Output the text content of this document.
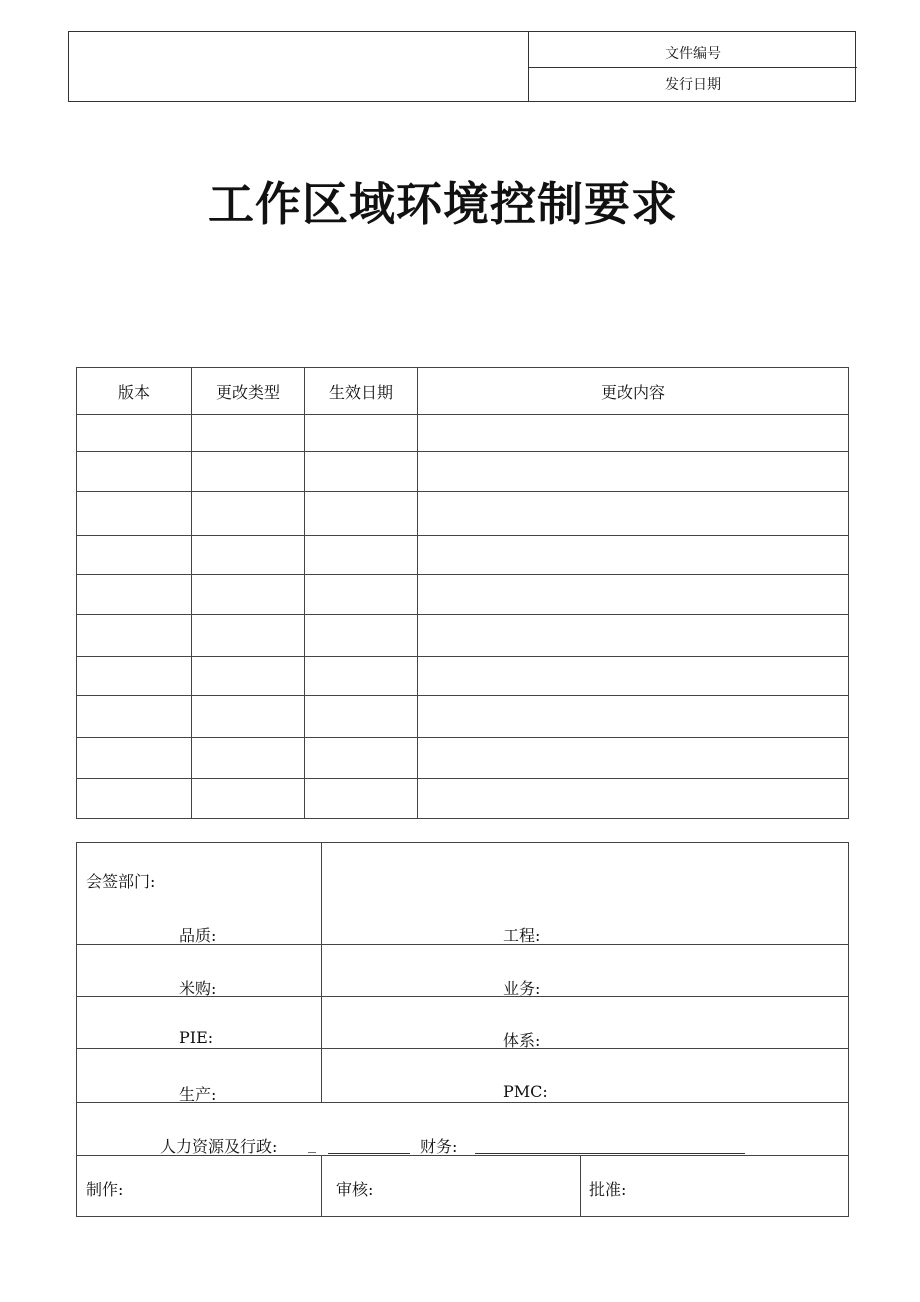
文件编号
发行日期
工作区域环境控制要求
版本	更改类型	生效日期	更改内容

会签部门:
品质:	工程:
米购:	业务:
PIE:	体系:
生产:	PMC:
人力资源及行政: _	财务:
制作:	审核:	批准:
